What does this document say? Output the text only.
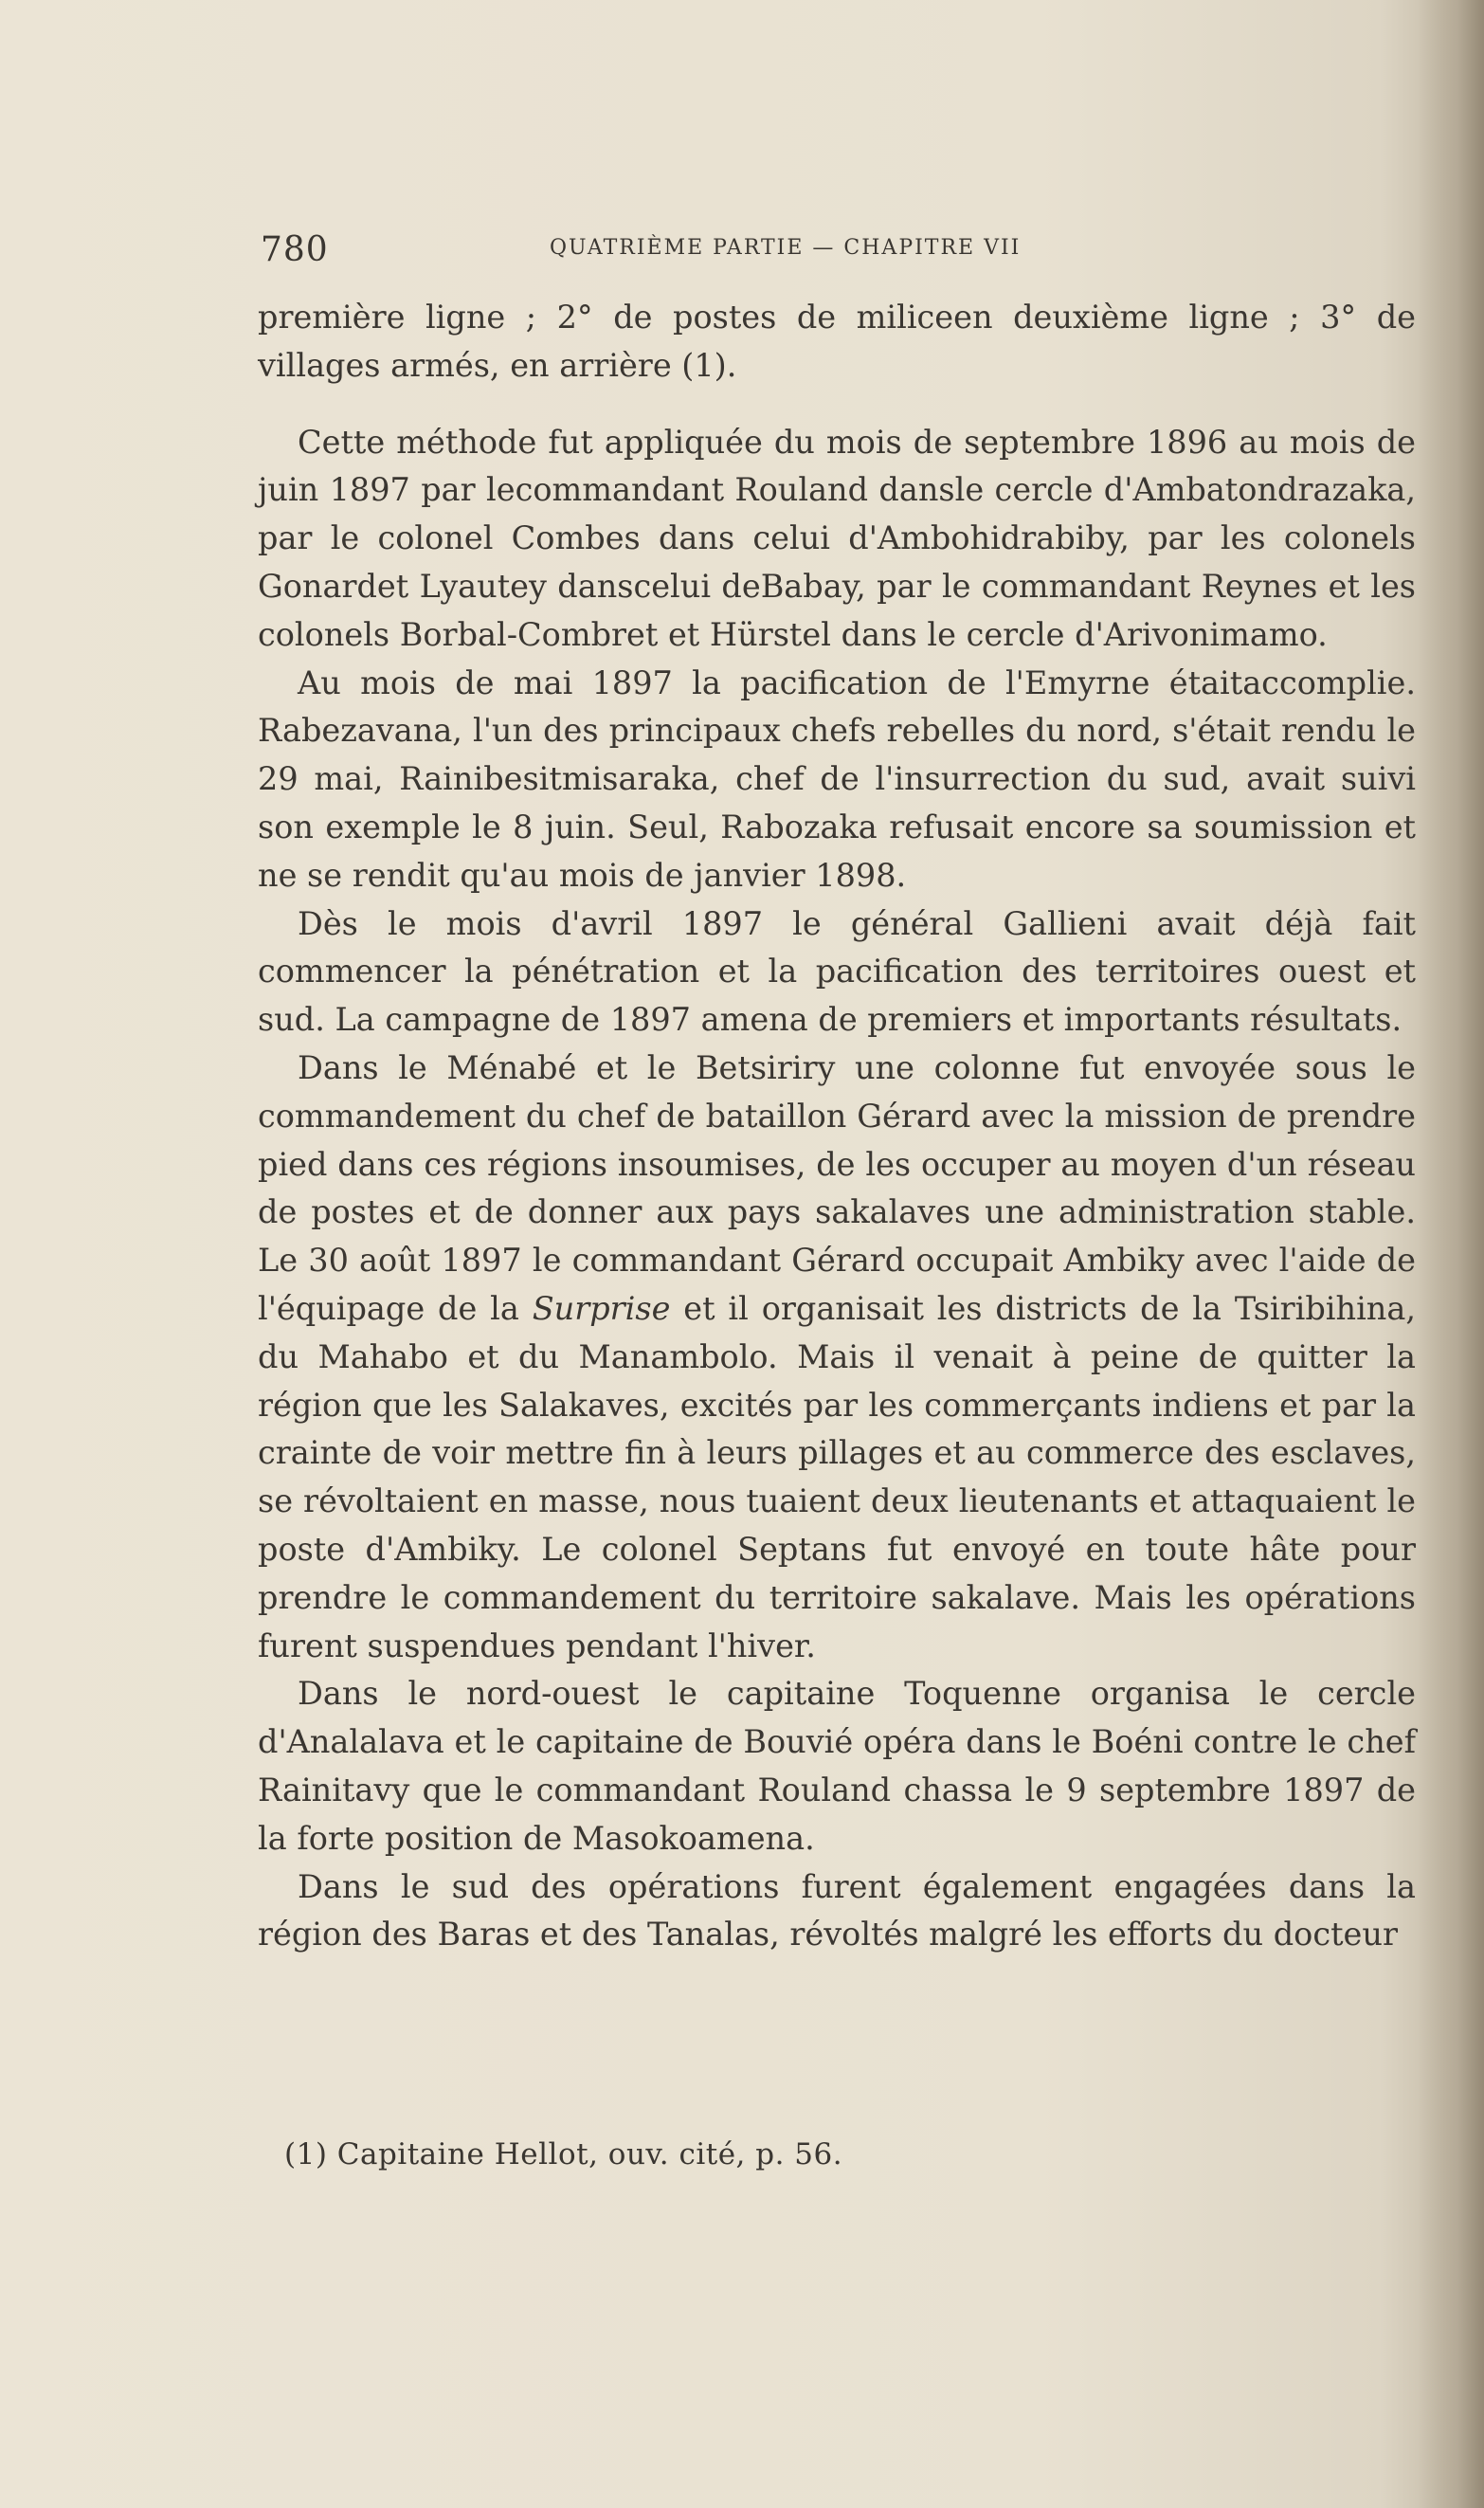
780	QUATRIÈME PARTIE — CHAPITRE VII

première ligne ; 2° de postes de miliceen deuxième ligne ; 3° de villages armés, en arrière (1).

Cette méthode fut appliquée du mois de septembre 1896 au mois de juin 1897 par lecommandant Rouland dansle cercle d'Ambatondrazaka, par le colonel Combes dans celui d'Ambohidrabiby, par les colonels Gonardet Lyautey danscelui deBabay, par le commandant Reynes et les colonels Borbal-Combret et Hürstel dans le cercle d'Arivonimamo.

Au mois de mai 1897 la pacification de l'Emyrne étaitaccomplie. Rabezavana, l'un des principaux chefs rebelles du nord, s'était rendu le 29 mai, Rainibesitmisaraka, chef de l'insurrection du sud, avait suivi son exemple le 8 juin. Seul, Rabozaka refusait encore sa soumission et ne se rendit qu'au mois de janvier 1898.

Dès le mois d'avril 1897 le général Gallieni avait déjà fait commencer la pénétration et la pacification des territoires ouest et sud. La campagne de 1897 amena de premiers et importants résultats.

Dans le Ménabé et le Betsiriry une colonne fut envoyée sous le commandement du chef de bataillon Gérard avec la mission de prendre pied dans ces régions insoumises, de les occuper au moyen d'un réseau de postes et de donner aux pays sakalaves une administration stable. Le 30 août 1897 le commandant Gérard occupait Ambiky avec l'aide de l'équipage de la Surprise et il organisait les districts de la Tsiribihina, du Mahabo et du Manambolo. Mais il venait à peine de quitter la région que les Salakaves, excités par les commerçants indiens et par la crainte de voir mettre fin à leurs pillages et au commerce des esclaves, se révoltaient en masse, nous tuaient deux lieutenants et attaquaient le poste d'Ambiky. Le colonel Septans fut envoyé en toute hâte pour prendre le commandement du territoire sakalave. Mais les opérations furent suspendues pendant l'hiver.

Dans le nord-ouest le capitaine Toquenne organisa le cercle d'Analalava et le capitaine de Bouvié opéra dans le Boéni contre le chef Rainitavy que le commandant Rouland chassa le 9 septembre 1897 de la forte position de Masokoamena.

Dans le sud des opérations furent également engagées dans la région des Baras et des Tanalas, révoltés malgré les efforts du docteur

(1) Capitaine Hellot, ouv. cité, p. 56.
